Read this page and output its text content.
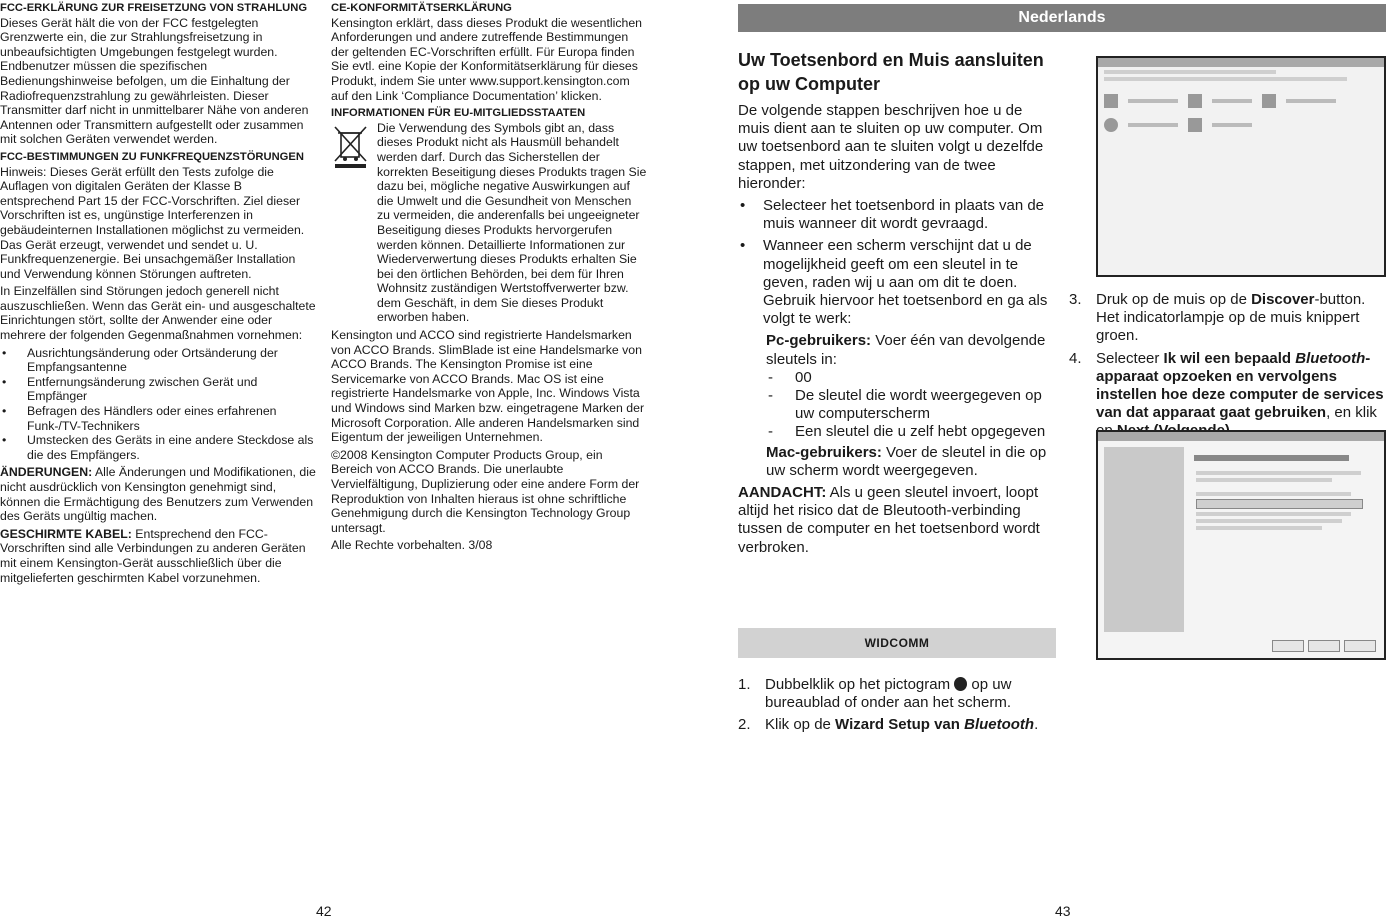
FCC-ERKLÄRUNG ZUR FREISETZUNG VON STRAHLUNG

Dieses Gerät hält die von der FCC festgelegten Grenzwerte ein, die zur Strahlungsfreisetzung in unbeaufsichtigten Umgebungen festgelegt wurden. Endbenutzer müssen die spezifischen Bedienungshinweise befolgen, um die Einhaltung der Radiofrequenzstrahlung zu gewährleisten. Dieser Transmitter darf nicht in unmittelbarer Nähe von anderen Antennen oder Transmittern aufgestellt oder zusammen mit solchen Geräten verwendet werden.

FCC-BESTIMMUNGEN ZU FUNKFREQUENZSTÖRUNGEN

Hinweis: Dieses Gerät erfüllt den Tests zufolge die Auflagen von digitalen Geräten der Klasse B entsprechend Part 15 der FCC-Vorschriften. Ziel dieser Vorschriften ist es, ungünstige Interferenzen in gebäudeinternen Installationen möglichst zu vermeiden. Das Gerät erzeugt, verwendet und sendet u. U. Funkfrequenzenergie. Bei unsachgemäßer Installation und Verwendung können Störungen auftreten.

In Einzelfällen sind Störungen jedoch generell nicht auszuschließen. Wenn das Gerät ein- und ausgeschaltete Einrichtungen stört, sollte der Anwender eine oder mehrere der folgenden Gegenmaßnahmen vornehmen:

• Ausrichtungsänderung oder Ortsänderung der Empfangsantenne
• Entfernungsänderung zwischen Gerät und Empfänger
• Befragen des Händlers oder eines erfahrenen Funk-/TV-Technikers
• Umstecken des Geräts in eine andere Steckdose als die des Empfängers.

ÄNDERUNGEN: Alle Änderungen und Modifikationen, die nicht ausdrücklich von Kensington genehmigt sind, können die Ermächtigung des Benutzers zum Verwenden des Geräts ungültig machen.

GESCHIRMTE KABEL: Entsprechend den FCC-Vorschriften sind alle Verbindungen zu anderen Geräten mit einem Kensington-Gerät ausschließlich über die mitgelieferten geschirmten Kabel vorzunehmen.

CE-KONFORMITÄTSERKLÄRUNG

Kensington erklärt, dass dieses Produkt die wesentlichen Anforderungen und andere zutreffende Bestimmungen der geltenden EC-Vorschriften erfüllt. Für Europa finden Sie evtl. eine Kopie der Konformitätserklärung für dieses Produkt, indem Sie unter www.support.kensington.com auf den Link ‘Compliance Documentation’ klicken.

INFORMATIONEN FÜR EU-MITGLIEDSSTAATEN

Die Verwendung des Symbols gibt an, dass dieses Produkt nicht als Hausmüll behandelt werden darf. Durch das Sicherstellen der korrekten Beseitigung dieses Produkts tragen Sie dazu bei, mögliche negative Auswirkungen auf die Umwelt und die Gesundheit von Menschen zu vermeiden, die anderenfalls bei ungeeigneter Beseitigung dieses Produkts hervorgerufen werden können. Detaillierte Informationen zur Wiederverwertung dieses Produkts erhalten Sie bei den örtlichen Behörden, bei dem für Ihren Wohnsitz zuständigen Wertstoffverwerter bzw. dem Geschäft, in dem Sie dieses Produkt erworben haben.

Kensington und ACCO sind registrierte Handelsmarken von ACCO Brands. SlimBlade ist eine Handelsmarke von ACCO Brands. The Kensington Promise ist eine Servicemarke von ACCO Brands. Mac OS ist eine registrierte Handelsmarke von Apple, Inc. Windows Vista und Windows sind Marken bzw. eingetragene Marken der Microsoft Corporation. Alle anderen Handelsmarken sind Eigentum der jeweiligen Unternehmen.

©2008 Kensington Computer Products Group, ein Bereich von ACCO Brands. Die unerlaubte Vervielfältigung, Duplizierung oder eine andere Form der Reproduktion von Inhalten hieraus ist ohne schriftliche Genehmigung durch die Kensington Technology Group untersagt.

Alle Rechte vorbehalten. 3/08

42	43
Nederlands
Uw Toetsenbord en Muis aansluiten op uw Computer

De volgende stappen beschrijven hoe u de muis dient aan te sluiten op uw computer. Om uw toetsenbord aan te sluiten volgt u dezelfde stappen, met uitzondering van de twee hieronder:

• Selecteer het toetsenbord in plaats van de muis wanneer dit wordt gevraagd.
• Wanneer een scherm verschijnt dat u de mogelijkheid geeft om een sleutel in te geven, raden wij u aan om dit te doen. Gebruik hiervoor het toetsenbord en ga als volgt te werk:

Pc-gebruikers: Voer één van devolgende sleutels in:

- 00
- De sleutel die wordt weergegeven op uw computerscherm
- Een sleutel die u zelf hebt opgegeven

Mac-gebruikers: Voer de sleutel in die op uw scherm wordt weergegeven.

AANDACHT: Als u geen sleutel invoert, loopt altijd het risico dat de Bleutooth-verbinding tussen de computer en het toetsenbord wordt verbroken.

WIDCOMM
1. Dubbelklik op het pictogram  op uw bureaublad of onder aan het scherm.
2. Klik op de Wizard Setup van Bluetooth.
3. Druk op de muis op de Discover-button. Het indicatorlampje op de muis knippert groen.
4. Selecteer Ik wil een bepaald Bluetooth-apparaat opzoeken en vervolgens instellen hoe deze computer de services van dat apparaat gaat gebruiken, en klik
